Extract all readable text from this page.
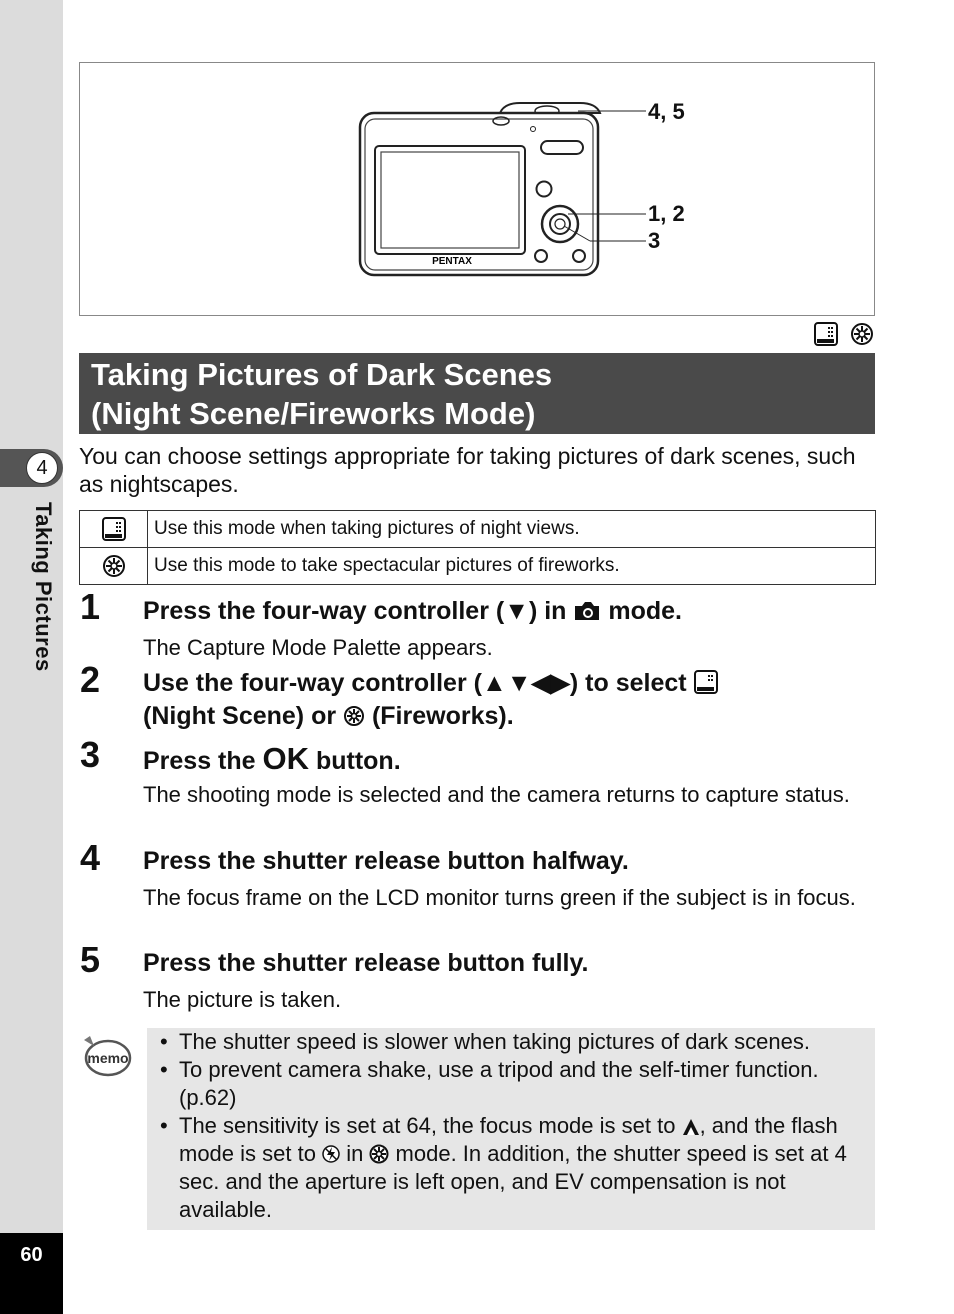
4
Taking Pictures
60
PENTAX
4, 5
1, 2
3
Taking Pictures of Dark Scenes
(Night Scene/Fireworks Mode)
You can choose settings appropriate for taking pictures of dark scenes, such as nightscapes.
	Use this mode when taking pictures of night views.
	Use this mode to take spectacular pictures of fireworks.
1 Press the four-way controller (▼) in  mode.
The Capture Mode Palette appears.
2 Use the four-way controller (▲▼◀▶) to select
(Night Scene) or  (Fireworks).
3 Press the OK button.
The shooting mode is selected and the camera returns to capture status.
4 Press the shutter release button halfway.
The focus frame on the LCD monitor turns green if the subject is in focus.
5 Press the shutter release button fully.
The picture is taken.
memo
• The shutter speed is slower when taking pictures of dark scenes.
• To prevent camera shake, use a tripod and the self-timer function. (p.62)
• The sensitivity is set at 64, the focus mode is set to , and the flash mode is set to  in  mode. In addition, the shutter speed is set at 4 sec. and the aperture is left open, and EV compensation is not available.
